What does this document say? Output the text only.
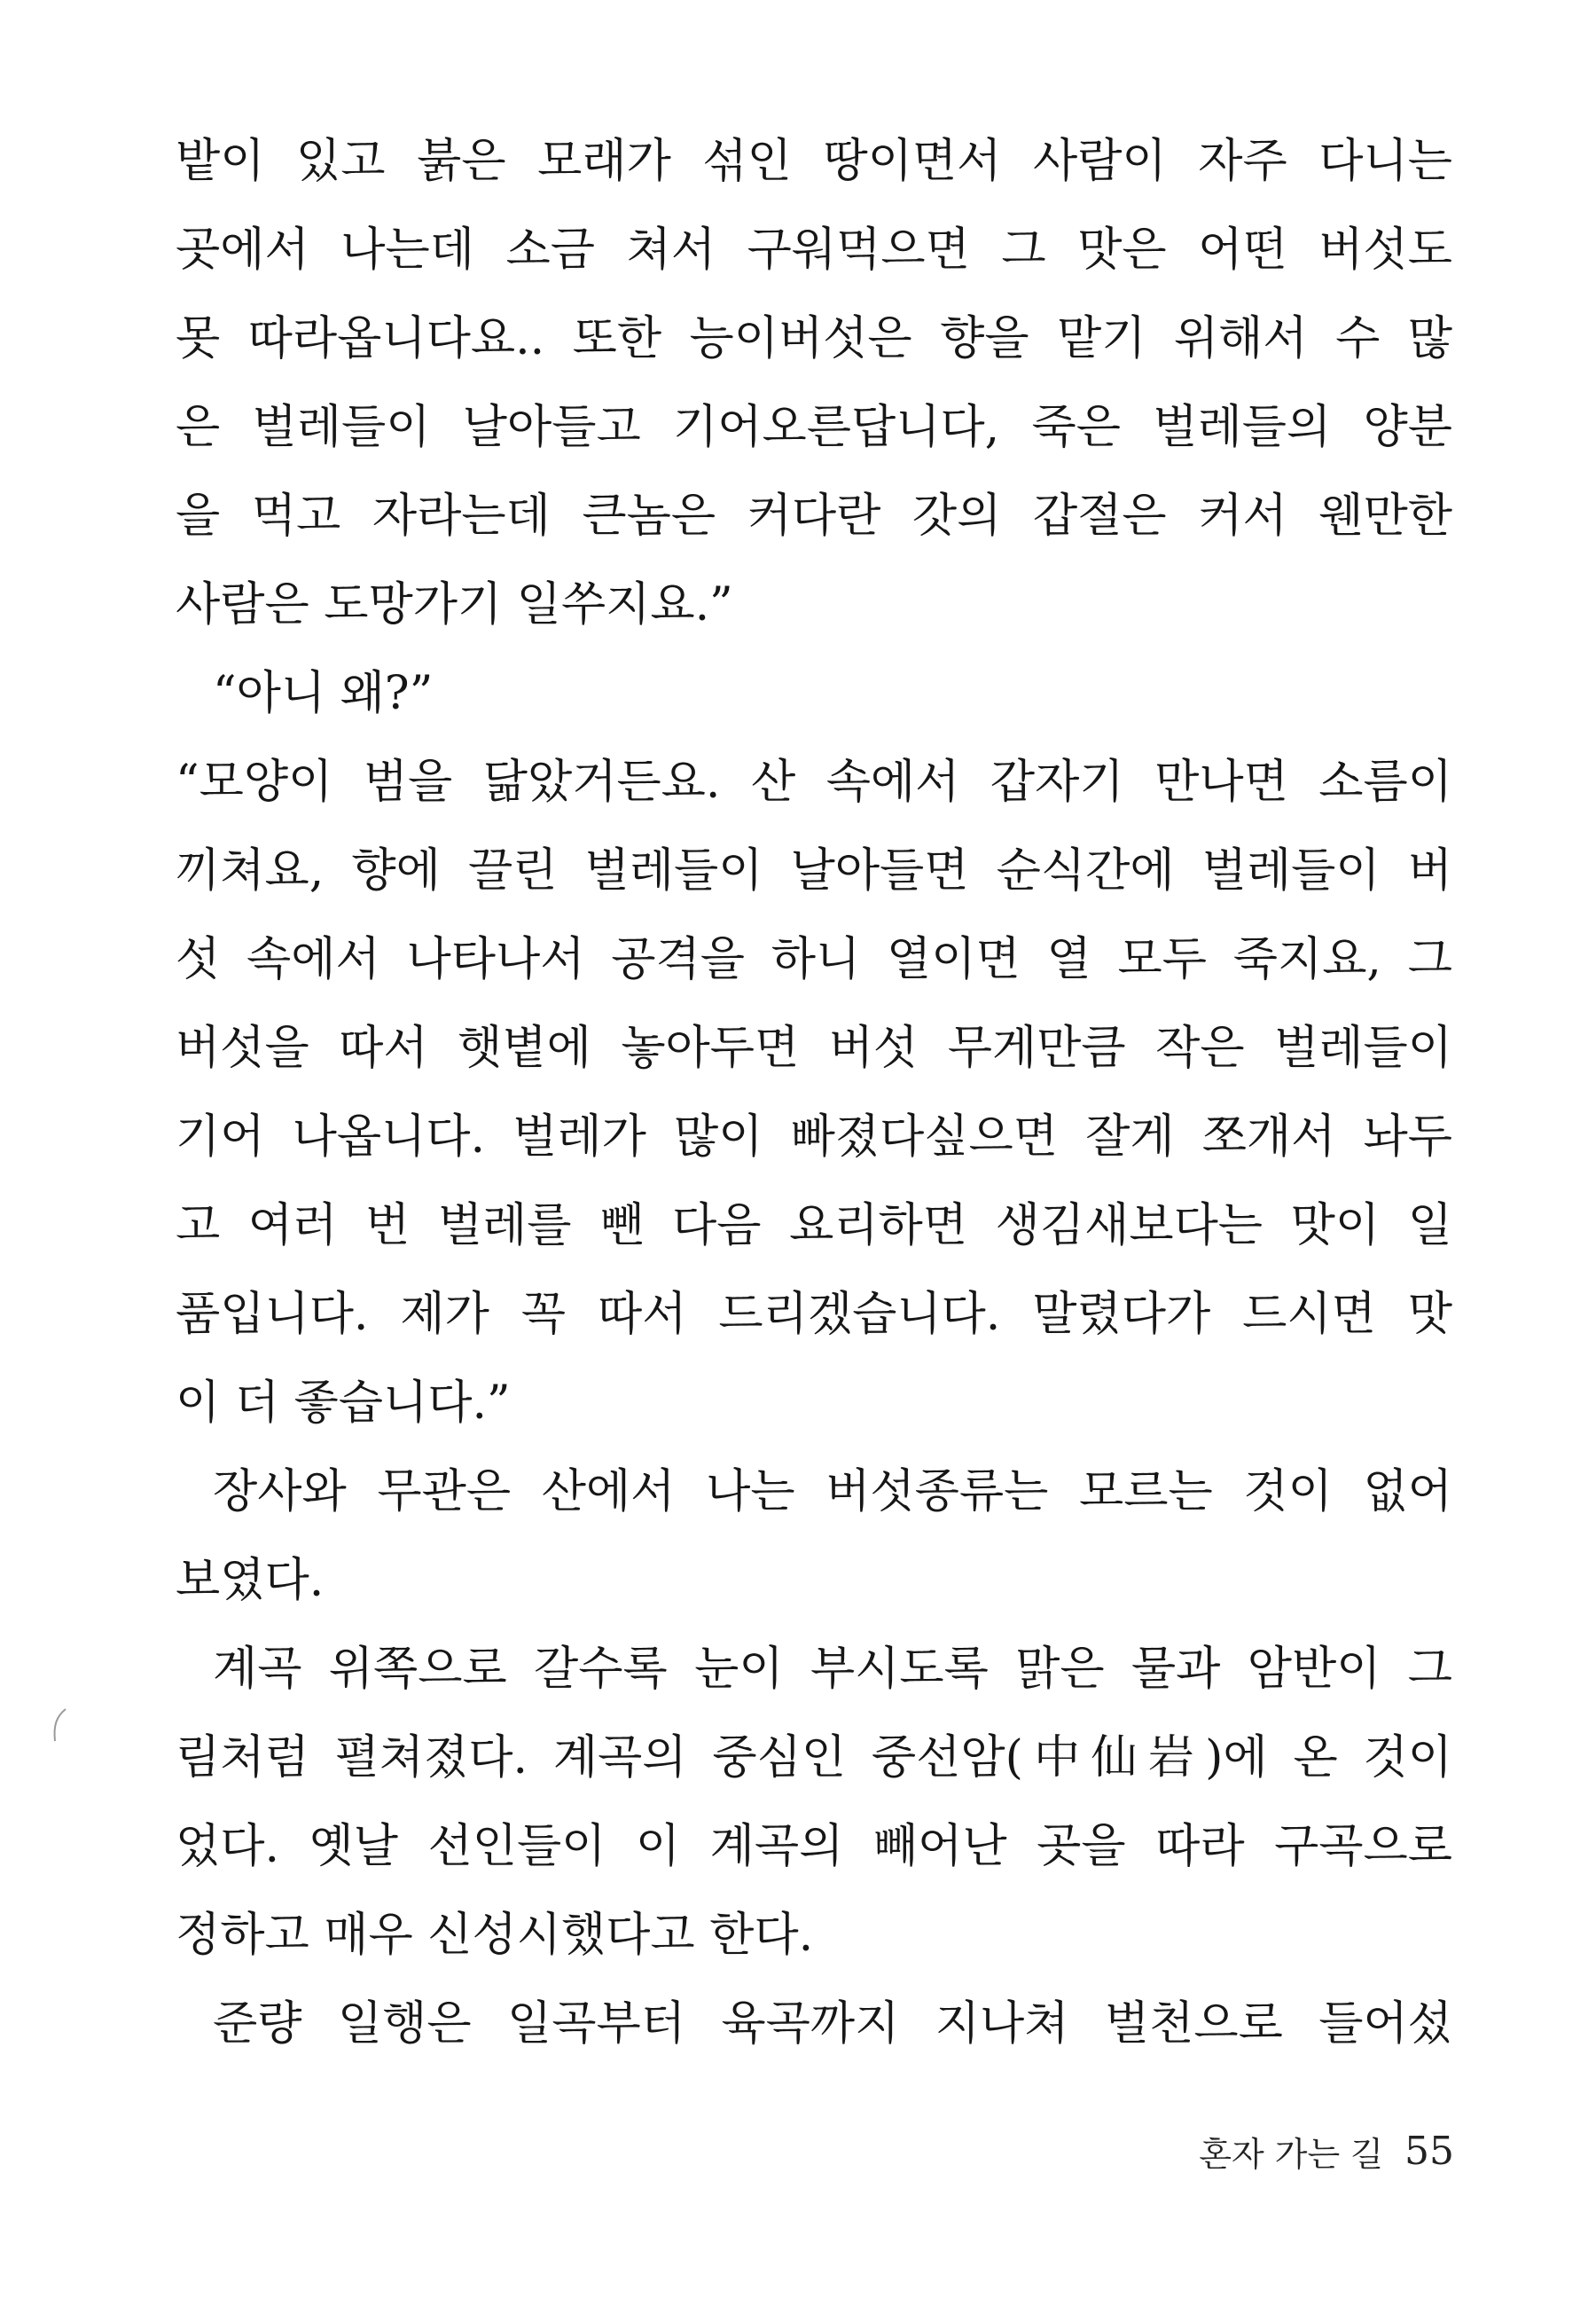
밭이 있고 붉은 모래가 섞인 땅이면서 사람이 자주 다니는
곳에서 나는데 소금 쳐서 구워먹으면 그 맛은 어떤 버섯도
못 따라옵니다요.. 또한 능이버섯은 향을 맡기 위해서 수 많
은 벌레들이 날아들고 기어오른답니다, 죽은 벌레들의 양분
을 먹고 자라는데 큰놈은 커다란 갓의 갑절은 커서 웬만한
사람은 도망가기 일쑤지요.”
“아니 왜?”
“모양이 범을 닮았거든요. 산 속에서 갑자기 만나면 소름이
끼쳐요, 향에 끌린 벌레들이 날아들면 순식간에 벌레들이 버
섯 속에서 나타나서 공격을 하니 열이면 열 모두 죽지요, 그
버섯을 따서 햇볕에 놓아두면 버섯 무게만큼 작은 벌레들이
기어 나옵니다. 벌레가 많이 빠졌다싶으면 잘게 쪼개서 놔두
고 여러 번 벌레를 뺀 다음 요리하면 생김새보다는 맛이 일
품입니다. 제가 꼭 따서 드리겠습니다. 말렸다가 드시면 맛
이 더 좋습니다.”
장사와 무관은 산에서 나는 버섯종류는 모르는 것이 없어
보였다.
계곡 위쪽으로 갈수록 눈이 부시도록 맑은 물과 암반이 그
림처럼 펼쳐졌다. 계곡의 중심인 중선암(中仙岩)에 온 것이
었다. 옛날 선인들이 이 계곡의 빼어난 곳을 따라 구곡으로
정하고 매우 신성시했다고 한다.
준량 일행은 일곡부터 육곡까지 지나쳐 벌천으로 들어섰
혼자 가는 길 55
